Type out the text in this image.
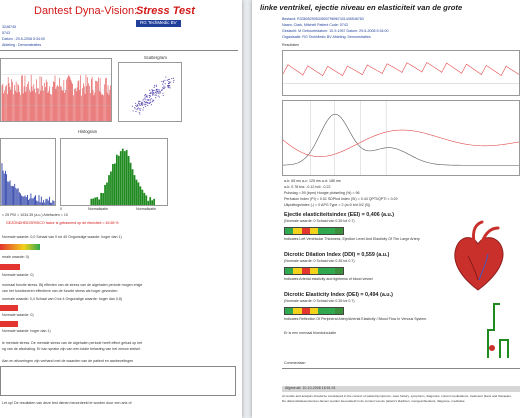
Dantest Dyna-Vision:
Stress Test
RG TechMedic BV
3248745
5743
Datum : 29-5-2008 5:34:00
Afdeling : Demonstraties
Scattergram
Histogram
0	Normalisatie	Normalisatie
= 25 PDI = 1034.35 (a.u.) Artefacten = 10
GEZONDHEIDSRISICO factor is gebaseerd op de ritmiciteit = 45.65 %
Normale waarde: 0,0 Schaal van 0 tot 40 Ongunstige waarde: hoger dan 1)
rmale waarde: 0)
Normale waarde: 0)
normaal functie stress. Bij effecten van de stress van de algehalen periode mogen enige
van het functioneren effectieve van de functie stress als hoger gevonden.
normale waarde: 0,4 Schaal van 0 tot 4 Ongunstige waarde: hoger dan 0,8)
Normale waarde: 0)
Normale waarde: hoger dan 1)
le mentale stress. De mentale stress van de algehalen periode heeft effect gehad op het
ng van de afschaling. Er kan sprake zijn van een totale belasting van het zenuw stelsel.
Aan en afvoeringen zijn verband met de waarden van de patient en aanbevelingen
Let op! De resultaten van deze test dienen beoordeeld te worden door een arts of
linke ventrikel, ejectie niveau en elasticiteit van de grote
Bestand: R33605290534500798967431445546783
Naam: Clark, Mitchell Patient Code: 5743
Geslacht: M Geboortedatum: 10-9-1957 Datum: 29-5-2008 5:34:00
Organisatie: RG TechMedic BV Afdeling: Demonstraties
Resultaten
a-b: 65 ms a-c: 125 ms a-d: 185 ms
a-b: 0.78 b/a: -0.12 b/d: -0.22
Pulsslag = 59 (bpm) Hoogte plotseling (%) = 96
Perfusion Index (PI) = 0.51 SDPtcd Index (SI) = 0.43 QPTI/QPTI = 0.29
Uitputtingsindex (-) = 0 APG Type = 2 (a=0 b/d 0/2 (0))
Ejectie elasticiteitsindex (EEI) = 0,406 (a.u.)
(Normale waarde: 0 Schaal van 0.35 tot 0.7)
Indicates Left Ventricular Thickness, Ejection Level And Elasticity Of The Large Artery.
Dicrotic Dilation Index (DDI) = 0,559 (a.u.)
(Normale waarde: 0 Schaal van 0.35 tot 0.7)
Indicates Arterial elasticity and tightness of blood vessel
Dicrotic Elasticity Index (DEI) = 0,494 (a.u.)
(Normale waarde: 0 Schaal van 0.35 tot 0.7)
Indicates Reflection Of Peripheral Artery/Arterial Elasticity / Blood Flow In Venous System.
Er is een normaal bloedcirculatie
Commentaar:
Afgedrukt: 10-10-2008 16:51:01
Al results and analysis should be considered in the context of patient/symptoms, case history, symptoms, diagnosis, current medications, treatment plans and therapies.
De uitkomstklassen/scores dienen worden beoordeeld in de context van de patient's klachten, voorgeschiedenis, diagnose, medicatie
